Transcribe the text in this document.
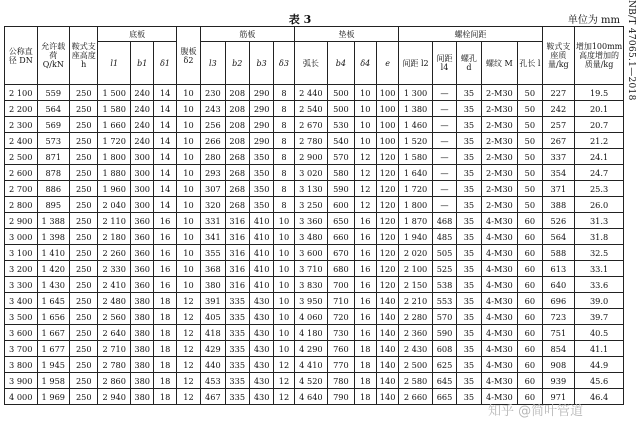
表 3	单位为 mm NB/T 47065.1—2018
公称直径 DN	允许载荷 Q/kN	鞍式支座高度 h	底板			腹板 δ2	筋板				垫板				螺栓间距					鞍式支座质量/kg	增加100mm高度增加的质量/kg
			l1	b1	δ1		l3	b2	b3	δ3	弧长	b4	δ4	e	间距 l2	间距 l4	螺孔 d	螺纹 M	孔长 l		
2 100	559	250	1 500	240	14	10	230	208	290	8	2 440	500	10	100	1 300	—	35	2-M30	50	227	19.5
2 200	564	250	1 580	240	14	10	243	208	290	8	2 540	500	10	100	1 380	—	35	2-M30	50	242	20.1
2 300	569	250	1 660	240	14	10	256	208	290	8	2 670	530	10	100	1 460	—	35	2-M30	50	257	20.7
2 400	573	250	1 720	240	14	10	266	208	290	8	2 780	540	10	100	1 520	—	35	2-M30	50	267	21.2
2 500	871	250	1 800	300	14	10	280	268	350	8	2 900	570	12	120	1 580	—	35	2-M30	50	337	24.1
2 600	878	250	1 880	300	14	10	293	268	350	8	3 020	580	12	120	1 640	—	35	2-M30	50	354	24.7
2 700	886	250	1 960	300	14	10	307	268	350	8	3 130	590	12	120	1 720	—	35	2-M30	50	371	25.3
2 800	895	250	2 040	300	14	10	320	268	350	8	3 250	600	12	120	1 800	—	35	2-M30	50	388	26.0
2 900	1 388	250	2 110	360	16	10	331	316	410	10	3 360	650	16	120	1 870	468	35	4-M30	60	526	31.3
3 000	1 398	250	2 180	360	16	10	341	316	410	10	3 480	660	16	120	1 940	485	35	4-M30	60	564	31.8
3 100	1 410	250	2 260	360	16	10	355	316	410	10	3 600	670	16	120	2 020	505	35	4-M30	60	588	32.5
3 200	1 420	250	2 330	360	16	10	368	316	410	10	3 710	680	16	120	2 100	525	35	4-M30	60	613	33.1
3 300	1 430	250	2 410	360	16	10	380	316	410	10	3 830	700	16	120	2 150	538	35	4-M30	60	640	33.6
3 400	1 645	250	2 480	380	18	12	391	335	430	10	3 950	710	16	140	2 210	553	35	4-M30	60	696	39.0
3 500	1 656	250	2 560	380	18	12	405	335	430	10	4 060	720	16	140	2 280	570	35	4-M30	60	723	39.7
3 600	1 667	250	2 640	380	18	12	418	335	430	10	4 180	730	16	140	2 360	590	35	4-M30	60	751	40.5
3 700	1 677	250	2 710	380	18	12	429	335	430	10	4 290	760	18	140	2 430	608	35	4-M30	60	854	41.1
3 800	1 945	250	2 780	380	18	12	440	335	430	12	4 410	770	18	140	2 500	625	35	4-M30	60	908	44.9
3 900	1 958	250	2 860	380	18	12	453	335	430	12	4 520	780	18	140	2 580	645	35	4-M30	60	939	45.6
4 000	1 969	250	2 940	380	18	12	467	335	430	12	4 640	790	18	140	2 660	665	35	4-M30	60	971	46.4
知乎 @简叶管道
